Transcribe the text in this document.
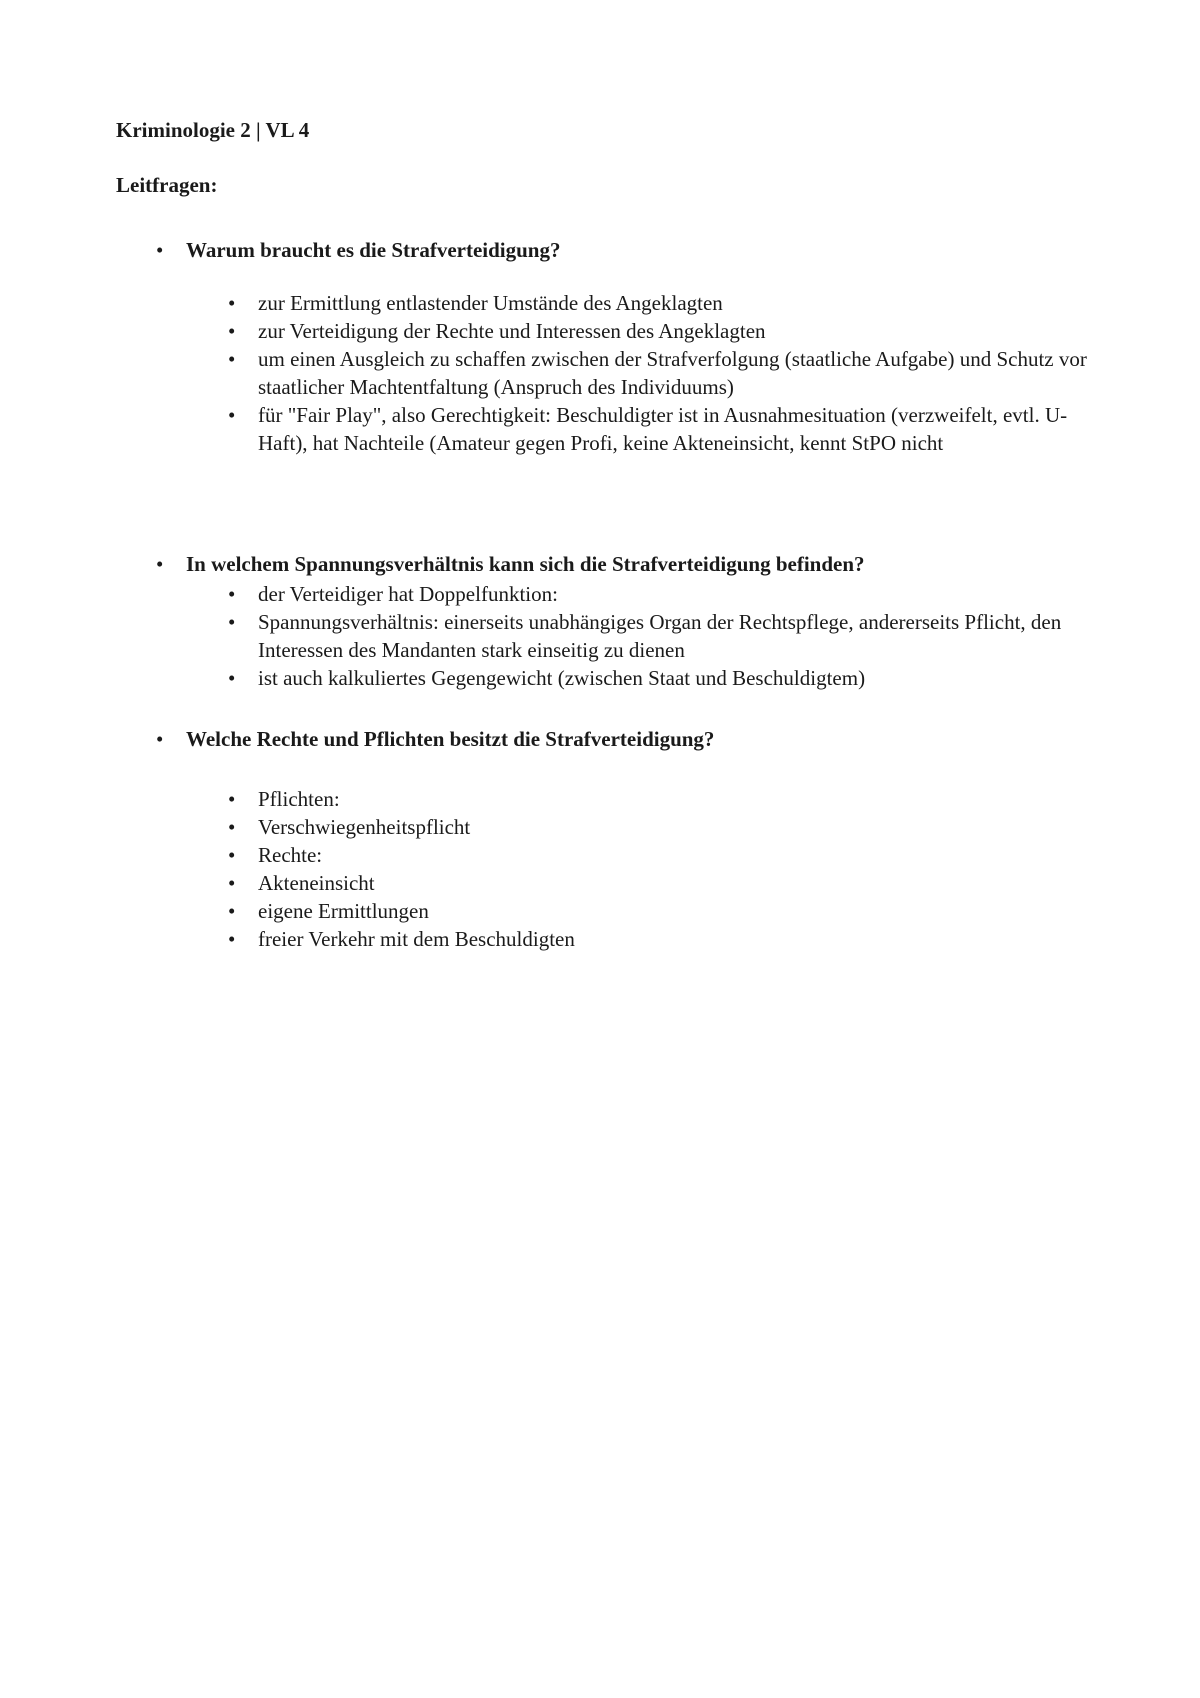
Kriminologie 2 | VL 4

Leitfragen:

• Warum braucht es die Strafverteidigung?

• zur Ermittlung entlastender Umstände des Angeklagten
• zur Verteidigung der Rechte und Interessen des Angeklagten
• um einen Ausgleich zu schaffen zwischen der Strafverfolgung (staatliche Aufgabe) und Schutz vor staatlicher Machtentfaltung (Anspruch des Individuums)
• für "Fair Play", also Gerechtigkeit: Beschuldigter ist in Ausnahmesituation (verzweifelt, evtl. U-Haft), hat Nachteile (Amateur gegen Profi, keine Akteneinsicht, kennt StPO nicht

• In welchem Spannungsverhältnis kann sich die Strafverteidigung befinden?

• der Verteidiger hat Doppelfunktion:
• Spannungsverhältnis: einerseits unabhängiges Organ der Rechtspflege, andererseits Pflicht, den Interessen des Mandanten stark einseitig zu dienen
• ist auch kalkuliertes Gegengewicht (zwischen Staat und Beschuldigtem)

• Welche Rechte und Pflichten besitzt die Strafverteidigung?

• Pflichten:
• Verschwiegenheitspflicht
• Rechte:
• Akteneinsicht
• eigene Ermittlungen
• freier Verkehr mit dem Beschuldigten
